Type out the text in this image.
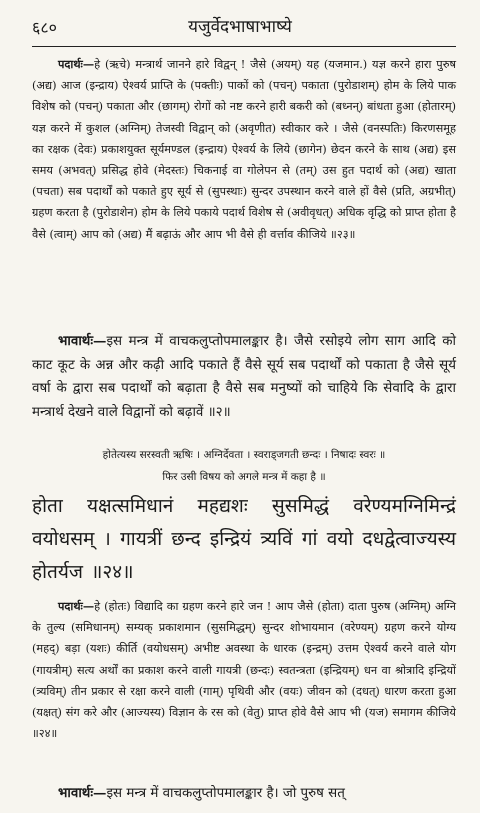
६८०	यजुर्वेदभाषाभाष्ये
पदार्थः—हे (ऋचे) मन्त्रार्थ जानने हारे विद्वन् ! जैसे (अयम्) यह (यजमान.) यज्ञ करने हारा पुरुष (अद्य) आज (इन्द्राय) ऐश्वर्य प्राप्ति के (पक्तीः) पाकों को (पचन्) पकाता (पुरोडाशम्) होम के लिये पाक विशेष को (पचन्) पकाता और (छागम्) रोगों को नष्ट करने हारी बकरी को (बध्नन्) बांधता हुआ (होतारम्) यज्ञ करने में कुशल (अग्निम्) तेजस्वी विद्वान् को (अवृणीत) स्वीकार करे । जैसे (वनस्पतिः) किरणसमूह का रक्षक (देवः) प्रकाशयुक्त सूर्यमण्डल (इन्द्राय) ऐश्वर्य के लिये (छागेन) छेदन करने के साथ (अद्य) इस समय (अभवत्) प्रसिद्ध होवे (मेदस्तः) चिकनाई वा गोलेपन से (तम्) उस हुत पदार्थ को (अद्य) खाता (पचता) सब पदार्थों को पकाते हुए सूर्य से (सुपस्थाः) सुन्दर उपस्थान करने वाले हों वैसे (प्रति, अग्रभीत्) ग्रहण करता है (पुरोडाशेन) होम के लिये पकाये पदार्थ विशेष से (अवीवृधत्) अधिक वृद्धि को प्राप्त होता है वैसे (त्वाम्) आप को (अद्य) मैं बढ़ाऊं और आप भी वैसे ही वर्त्ताव कीजिये ॥२३॥
भावार्थः—इस मन्त्र में वाचकलुप्तोपमालङ्कार है। जैसे रसोइये लोग साग आदि को काट कूट के अन्न और कढ़ी आदि पकाते हैं वैसे सूर्य सब पदार्थों को पकाता है जैसे सूर्य वर्षा के द्वारा सब पदार्थों को बढ़ाता है वैसे सब मनुष्यों को चाहिये कि सेवादि के द्वारा मन्त्रार्थ देखने वाले विद्वानों को बढ़ावें ॥२॥
होतेत्यस्य सरस्वती ऋषिः । अग्निर्देवता । स्वराड्जगती छन्दः । निषादः स्वरः ॥
फिर उसी विषय को अगले मन्त्र में कहा है ॥
होता यक्षत्समिधानं महद्यशः सुसमिद्धं वरेण्यमग्निमिन्द्रं वयोधसम् । गायत्रीं छन्द इन्द्रियं त्र्यविं गां वयो दधद्वेत्वाज्यस्य होतर्यज ॥२४॥
पदार्थः—हे (होतः) विद्यादि का ग्रहण करने हारे जन ! आप जैसे (होता) दाता पुरुष (अग्निम्) अग्नि के तुल्य (समिधानम्) सम्यक् प्रकाशमान (सुसमिद्धम्) सुन्दर शोभायमान (वरेण्यम्) ग्रहण करने योग्य (महद्) बड़ा (यशः) कीर्ति (वयोधसम्) अभीष्ट अवस्था के धारक (इन्द्रम्) उत्तम ऐश्वर्य करने वाले योग (गायत्रीम्) सत्य अर्थों का प्रकाश करने वाली गायत्री (छन्दः) स्वतन्त्रता (इन्द्रियम्) धन वा श्रोत्रादि इन्द्रियों (त्र्यविम्) तीन प्रकार से रक्षा करने वाली (गाम्) पृथिवी और (वयः) जीवन को (दधत्) धारण करता हुआ (यक्षत्) संग करे और (आज्यस्य) विज्ञान के रस को (वेतु) प्राप्त होवे वैसे आप भी (यज) समागम कीजिये ॥२४॥
भावार्थः—इस मन्त्र में वाचकलुप्तोपमालङ्कार है। जो पुरुष सत्
